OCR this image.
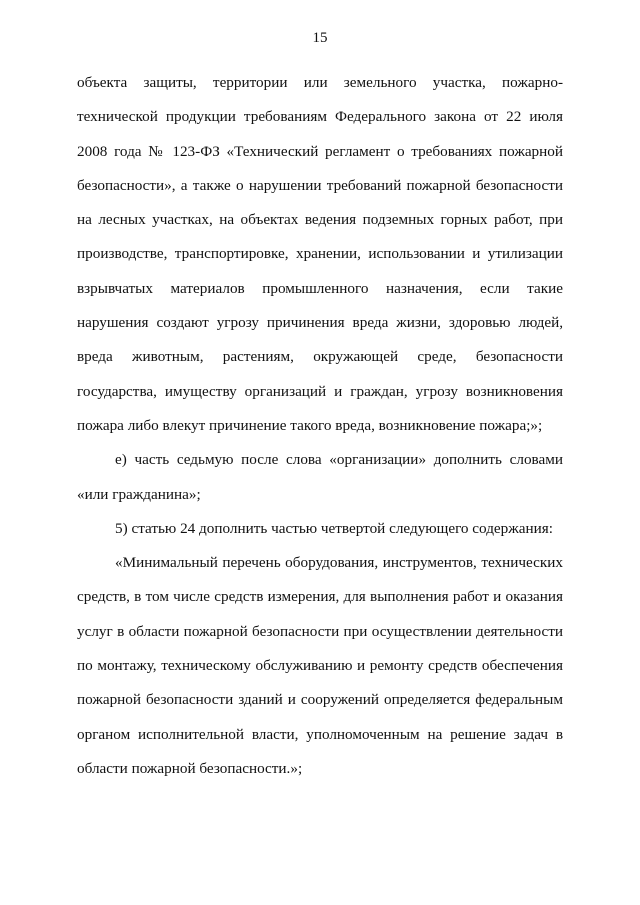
15
объекта защиты, территории или земельного участка, пожарно-
технической продукции требованиям Федерального закона от 22 июля
2008 года № 123-ФЗ «Технический регламент о требованиях пожарной
безопасности», а также о нарушении требований пожарной безопасности
на лесных участках, на объектах ведения подземных горных работ, при
производстве, транспортировке, хранении, использовании и утилизации
взрывчатых материалов промышленного назначения, если такие
нарушения создают угрозу причинения вреда жизни, здоровью людей,
вреда животным, растениям, окружающей среде, безопасности
государства, имуществу организаций и граждан, угрозу возникновения
пожара либо влекут причинение такого вреда, возникновение пожара;»;
е) часть седьмую после слова «организации» дополнить словами
«или гражданина»;
5) статью 24 дополнить частью четвертой следующего содержания:
«Минимальный перечень оборудования, инструментов, технических
средств, в том числе средств измерения, для выполнения работ и оказания
услуг в области пожарной безопасности при осуществлении деятельности
по монтажу, техническому обслуживанию и ремонту средств обеспечения
пожарной безопасности зданий и сооружений определяется федеральным
органом исполнительной власти, уполномоченным на решение задач в
области пожарной безопасности.»;
